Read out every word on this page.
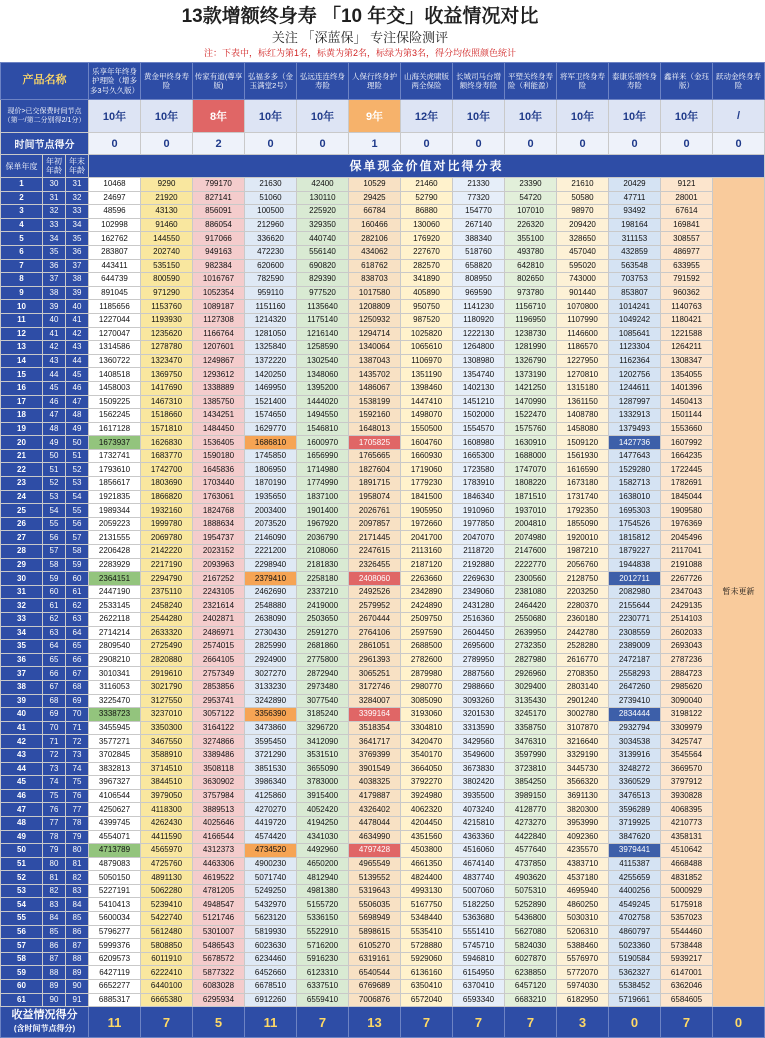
13款增额终身寿 「10 年交」收益情况对比
关注 「深蓝保」 专注保险测评
注：下表中，标红为第1名，标黄为第2名，标绿为第3名，得分均依照颜色统计
产品名称			乐享年年终身护理险（增多多3号久久版）	黄金甲终身寿险	传家有道(尊享版)	弘福多多（金玉满堂2号）	弘远连连终身寿险	人保行终身护理险	山海关虎啸版两全保险	长城司马台增额终身寿险	平塑关终身寿险（利能盈）	将军卫终身寿险	泰康乐增终身寿险	鑫祥来（金珏版）	跃动金终身寿险
现价>已交保费时间节点（第一/第二分别得2/1分）			10年	10年	8年	10年	10年	9年	12年	10年	10年	10年	10年	10年	/
时间节点得分			0	0	2	0	0	1	0	0	0	0	0	0	0
保单年度	年初年龄	年末年龄	保单现金价值对比得分表												
1	30	31	10468	9290	799170	21630	42400	10529	21460	21330	23390	21610	20429	9121	暂未更新
2	31	32	24697	21920	827141	51060	130110	29425	52790	77320	54720	50580	47711	28001	
3	32	33	48596	43130	856091	100500	225920	66784	86880	154770	107010	98970	93492	67614	
4	33	34	102998	91460	886054	212960	329350	160466	130060	267140	226320	209420	198164	169841	
5	34	35	162762	144550	917066	336620	440740	282106	176920	388340	355100	328650	311153	308557	
6	35	36	283807	202740	949163	472230	556140	434062	227670	518760	493780	457040	432859	486977	
7	36	37	443411	535150	982384	620600	690820	618762	282570	658820	642810	595020	563548	633955	
8	37	38	644739	800590	1016767	782590	829390	838703	341890	808950	802650	743000	703753	791592	
9	38	39	891045	971290	1052354	959110	977520	1017580	405890	969590	973780	901440	853807	960362	
10	39	40	1185656	1153760	1089187	1151160	1135640	1208809	950750	1141230	1156710	1070800	1014241	1140763	
11	40	41	1227044	1193930	1127308	1214320	1175140	1250932	987520	1180920	1196950	1107990	1049242	1180421	
12	41	42	1270047	1235620	1166764	1281050	1216140	1294714	1025820	1222130	1238730	1146600	1085641	1221588	
13	42	43	1314586	1278780	1207601	1325840	1258590	1340064	1065610	1264800	1281990	1186570	1123304	1264211	
14	43	44	1360722	1323470	1249867	1372220	1302540	1387043	1106970	1308980	1326790	1227950	1162364	1308347	
15	44	45	1408518	1369750	1293612	1420250	1348060	1435702	1351190	1354740	1373190	1270810	1202756	1354055	
16	45	46	1458003	1417690	1338889	1469950	1395200	1486067	1398460	1402130	1421250	1315180	1244611	1401396	
17	46	47	1509225	1467310	1385750	1521400	1444020	1538199	1447410	1451210	1470990	1361150	1287997	1450413	
18	47	48	1562245	1518660	1434251	1574650	1494550	1592160	1498070	1502000	1522470	1408780	1332913	1501144	
19	48	49	1617128	1571810	1484450	1629770	1546810	1648013	1550500	1554570	1575760	1458080	1379493	1553660	
20	49	50	1673937	1626830	1536405	1686810	1600970	1705825	1604760	1608980	1630910	1509120	1427736	1607992	
21	50	51	1732741	1683770	1590180	1745850	1656990	1765665	1660930	1665300	1688000	1561930	1477643	1664235	
22	51	52	1793610	1742700	1645836	1806950	1714980	1827604	1719060	1723580	1747070	1616590	1529280	1722445	
23	52	53	1856617	1803690	1703440	1870190	1774990	1891715	1779230	1783910	1808220	1673180	1582713	1782691	
24	53	54	1921835	1866820	1763061	1935650	1837100	1958074	1841500	1846340	1871510	1731740	1638010	1845044	
25	54	55	1989344	1932160	1824768	2003400	1901400	2026761	1905950	1910960	1937010	1792350	1695303	1909580	
26	55	56	2059223	1999780	1888634	2073520	1967920	2097857	1972660	1977850	2004810	1855090	1754526	1976369	
27	56	57	2131555	2069780	1954737	2146090	2036790	2171445	2041700	2047070	2074980	1920010	1815812	2045496	
28	57	58	2206428	2142220	2023152	2221200	2108060	2247615	2113160	2118720	2147600	1987210	1879227	2117041	
29	58	59	2283929	2217190	2093963	2298940	2181830	2326455	2187120	2192880	2222770	2056760	1944838	2191088	
30	59	60	2364151	2294790	2167252	2379410	2258180	2408060	2263660	2269630	2300560	2128750	2012711	2267726	
31	60	61	2447190	2375110	2243105	2462690	2337210	2492526	2342890	2349060	2381080	2203250	2082980	2347043	
32	61	62	2533145	2458240	2321614	2548880	2419000	2579952	2424890	2431280	2464420	2280370	2155644	2429135	
33	62	63	2622118	2544280	2402871	2638090	2503650	2670444	2509750	2516360	2550680	2360180	2230771	2514103	
34	63	64	2714214	2633320	2486971	2730430	2591270	2764106	2597590	2604450	2639950	2442780	2308559	2602033	
35	64	65	2809540	2725490	2574015	2825990	2681860	2861051	2688500	2695600	2732350	2528280	2389009	2693043	
36	65	66	2908210	2820880	2664105	2924900	2775800	2961393	2782600	2789950	2827980	2616770	2472187	2787236	
37	66	67	3010341	2919610	2757349	3027270	2872940	3065251	2879980	2887560	2926960	2708350	2558293	2884723	
38	67	68	3116053	3021790	2853856	3133230	2973480	3172746	2980770	2988660	3029400	2803140	2647260	2985620	
39	68	69	3225470	3127550	2953741	3242890	3077540	3284007	3085090	3093260	3135430	2901240	2739410	3090040	
40	69	70	3338723	3237010	3057122	3356390	3185240	3399164	3193060	3201530	3245170	3002780	2834444	3198122	
41	70	71	3455945	3350300	3164122	3473860	3296720	3518354	3304810	3313590	3358750	3107870	2932794	3309979	
42	71	72	3577271	3467550	3274866	3595450	3412090	3641717	3420470	3429560	3476310	3216640	3034538	3425747	
43	72	73	3702845	3588910	3389486	3721290	3531510	3769399	3540170	3549600	3597990	3329190	3139916	3545564	
44	73	74	3832813	3714510	3508118	3851530	3655090	3901549	3664050	3673830	3723810	3445730	3248272	3669570	
45	74	75	3967327	3844510	3630902	3986340	3783000	4038325	3792270	3802420	3854250	3566320	3360529	3797912	
46	75	76	4106544	3979050	3757984	4125860	3915400	4179887	3924980	3935500	3989150	3691130	3476513	3930828	
47	76	77	4250627	4118300	3889513	4270270	4052420	4326402	4062320	4073240	4128770	3820300	3596289	4068395	
48	77	78	4399745	4262430	4025646	4419720	4194250	4478044	4204450	4215810	4273270	3953990	3719925	4210773	
49	78	79	4554071	4411590	4166544	4574420	4341030	4634990	4351560	4363360	4422840	4092360	3847620	4358131	
50	79	80	4713789	4565970	4312373	4734520	4492960	4797428	4503800	4516060	4577640	4235570	3979441	4510642	
51	80	81	4879083	4725760	4463306	4900230	4650200	4965549	4661350	4674140	4737850	4383710	4115387	4668488	
52	81	82	5050150	4891130	4619522	5071740	4812940	5139552	4824400	4837740	4903620	4537180	4255659	4831852	
53	82	83	5227191	5062280	4781205	5249250	4981380	5319643	4993130	5007060	5075310	4695940	4400256	5000929	
54	83	84	5410413	5239410	4948547	5432970	5155720	5506035	5167750	5182250	5252890	4860250	4549245	5175918	
55	84	85	5600034	5422740	5121746	5623120	5336150	5698949	5348440	5363680	5436800	5030310	4702758	5357023	
56	85	86	5796277	5612480	5301007	5819930	5522910	5898615	5535410	5551410	5627080	5206310	4860797	5544460	
57	86	87	5999376	5808850	5486543	6023630	5716200	6105270	5728880	5745710	5824030	5388460	5023360	5738448	
58	87	88	6209573	6011910	5678572	6234460	5916230	6319161	5929060	5946810	6027870	5576970	5190584	5939217	
59	88	89	6427119	6222410	5877322	6452660	6123310	6540544	6136160	6154950	6238850	5772070	5362327	6147001	
60	89	90	6652277	6440100	6083028	6678510	6337510	6769689	6350410	6370410	6457120	5974030	5538452	6362046	
61	90	91	6885317	6665380	6295934	6912260	6559410	7006876	6572040	6593340	6683210	6182950	5719661	6584605	

收益情况得分
(含时间节点得分)			11	7	5	11	7	13	7	7	7	3	0	7	0
